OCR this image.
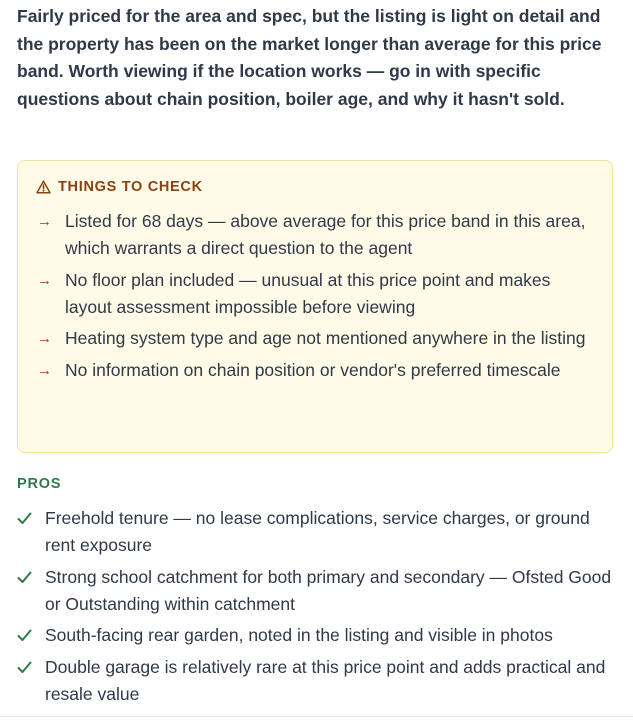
Fairly priced for the area and spec, but the listing is light on detail and the property has been on the market longer than average for this price band. Worth viewing if the location works — go in with specific questions about chain position, boiler age, and why it hasn't sold.

THINGS TO CHECK
→ Listed for 68 days — above average for this price band in this area, which warrants a direct question to the agent
→ No floor plan included — unusual at this price point and makes layout assessment impossible before viewing
→ Heating system type and age not mentioned anywhere in the listing
→ No information on chain position or vendor's preferred timescale
PROS
Freehold tenure — no lease complications, service charges, or ground rent exposure
Strong school catchment for both primary and secondary — Ofsted Good or Outstanding within catchment
South-facing rear garden, noted in the listing and visible in photos
Double garage is relatively rare at this price point and adds practical and resale value
